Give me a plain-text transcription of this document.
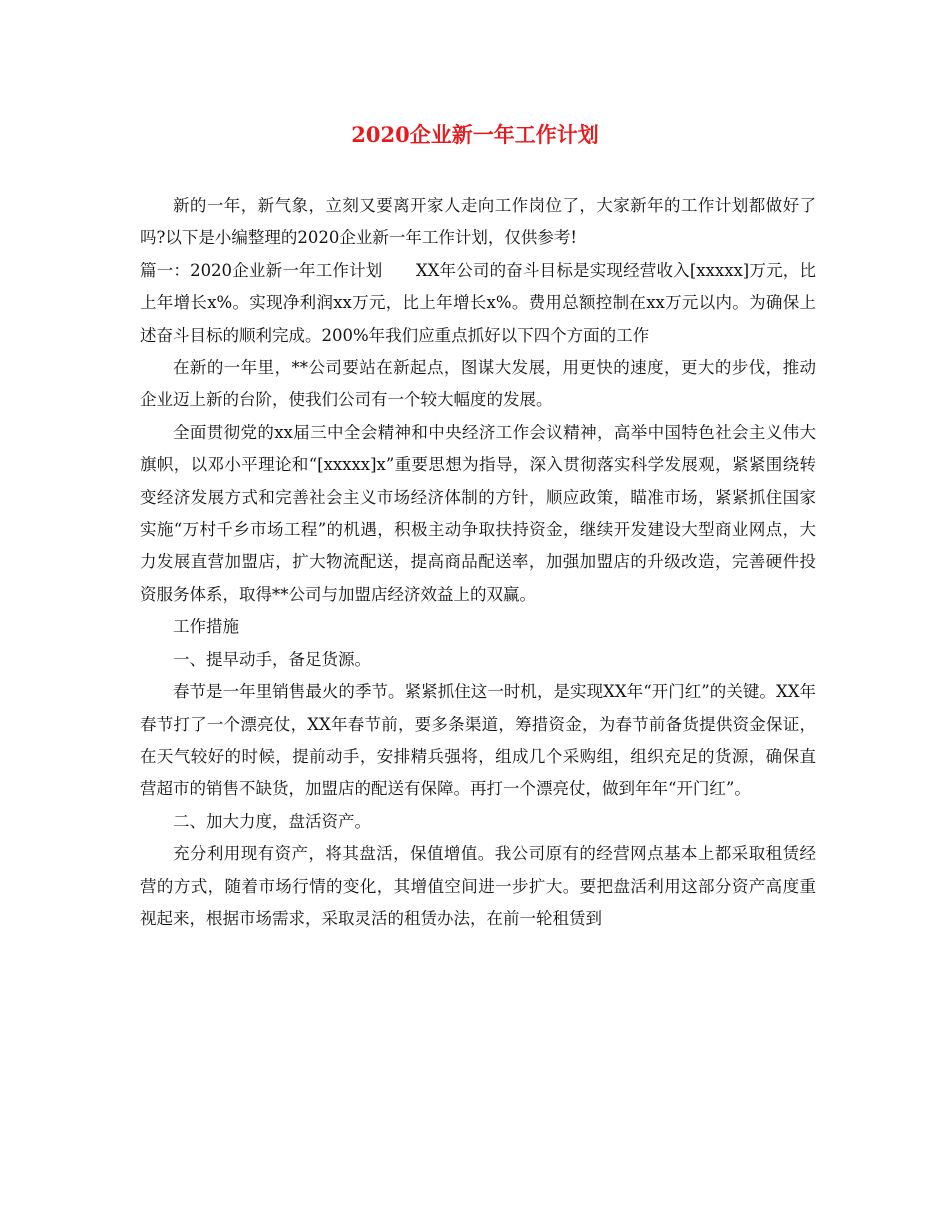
2020企业新一年工作计划

新的一年，新气象，立刻又要离开家人走向工作岗位了，大家新年的工作计划都做好了吗?以下是小编整理的2020企业新一年工作计划，仅供参考!

篇一：2020企业新一年工作计划　　XX年公司的奋斗目标是实现经营收入[xxxxx]万元，比上年增长x%。实现净利润xx万元，比上年增长x%。费用总额控制在xx万元以内。为确保上述奋斗目标的顺利完成。200%年我们应重点抓好以下四个方面的工作

在新的一年里，**公司要站在新起点，图谋大发展，用更快的速度，更大的步伐，推动企业迈上新的台阶，使我们公司有一个较大幅度的发展。

全面贯彻党的xx届三中全会精神和中央经济工作会议精神，高举中国特色社会主义伟大旗帜，以邓小平理论和“[xxxxx]x”重要思想为指导，深入贯彻落实科学发展观，紧紧围绕转变经济发展方式和完善社会主义市场经济体制的方针，顺应政策，瞄准市场，紧紧抓住国家实施“万村千乡市场工程”的机遇，积极主动争取扶持资金，继续开发建设大型商业网点，大力发展直营加盟店，扩大物流配送，提高商品配送率，加强加盟店的升级改造，完善硬件投资服务体系，取得**公司与加盟店经济效益上的双赢。

工作措施

一、提早动手，备足货源。

春节是一年里销售最火的季节。紧紧抓住这一时机，是实现XX年“开门红”的关键。XX年春节打了一个漂亮仗，XX年春节前，要多条渠道，筹措资金，为春节前备货提供资金保证，在天气较好的时候，提前动手，安排精兵强将，组成几个采购组，组织充足的货源，确保直营超市的销售不缺货，加盟店的配送有保障。再打一个漂亮仗，做到年年“开门红”。

二、加大力度，盘活资产。

充分利用现有资产，将其盘活，保值增值。我公司原有的经营网点基本上都采取租赁经营的方式，随着市场行情的变化，其增值空间进一步扩大。要把盘活利用这部分资产高度重视起来，根据市场需求，采取灵活的租赁办法，在前一轮租赁到
